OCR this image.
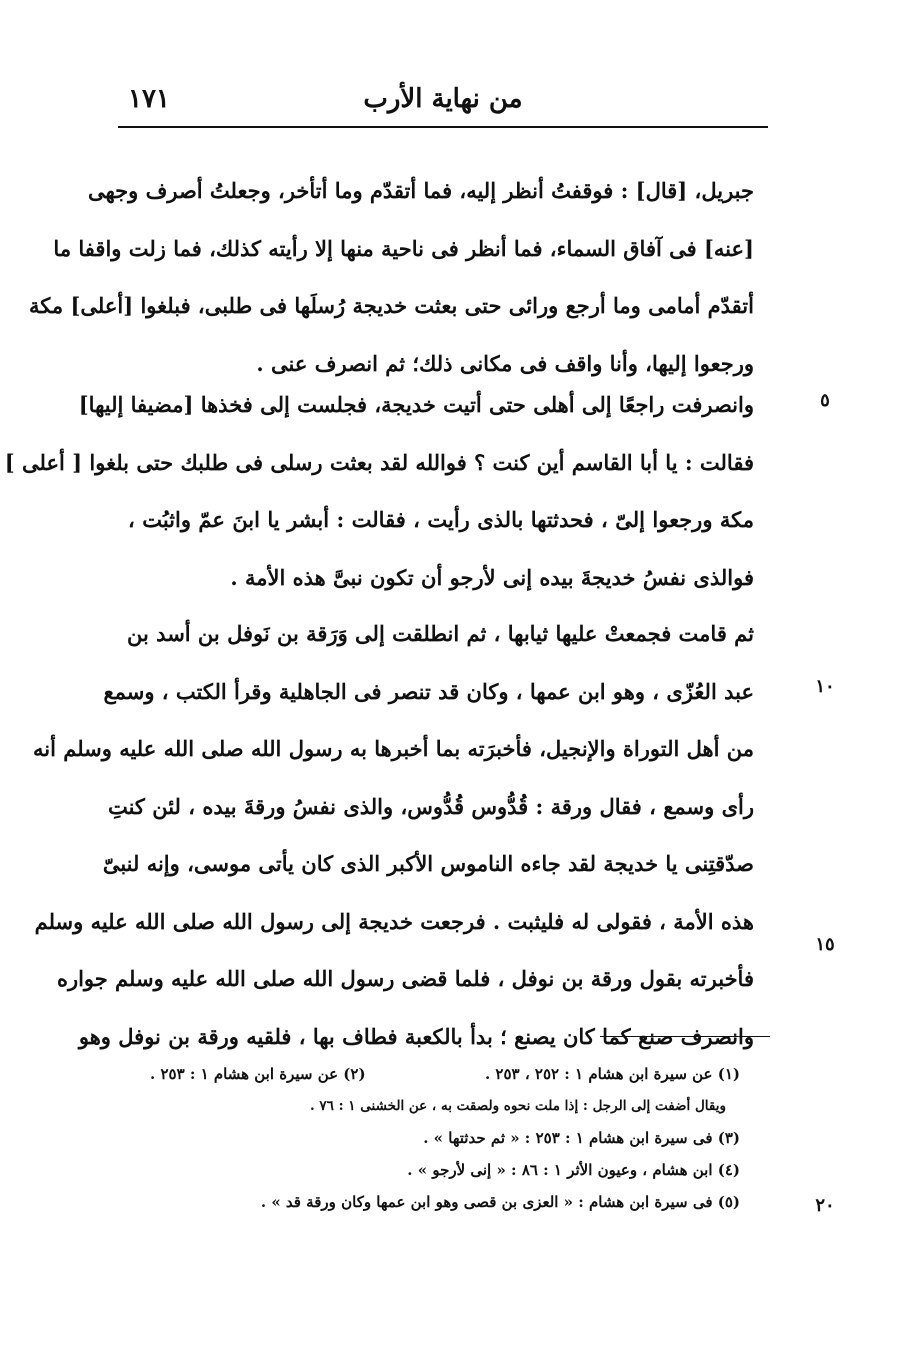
من نهاية الأرب
١٧١
جبريل، [قال] : فوقفتُ أنظر إليه، فما أتقدّم وما أتأخر، وجعلتُ أصرف وجهى
[عنه] فى آفاق السماء، فما أنظر فى ناحية منها إلا رأيته كذلك، فما زلت واقفا ما
أتقدّم أمامى وما أرجع ورائى حتى بعثت خديجة رُسلَها فى طلبى، فبلغوا [أعلى] مكة
ورجعوا إليها، وأنا واقف فى مكانى ذلك؛ ثم انصرف عنى .
وانصرفت راجعًا إلى أهلى حتى أتيت خديجة، فجلست إلى فخذها [مضيفا إليها]
فقالت : يا أبا القاسم أين كنت ؟ فوالله لقد بعثت رسلى فى طلبك حتى بلغوا [ أعلى ]
مكة ورجعوا إلىّ ، فحدثتها بالذى رأيت ، فقالت : أبشر يا ابنَ عمّ واثبُت ،
فوالذى نفسُ خديجةَ بيده إنى لأرجو أن تكون نبىَّ هذه الأمة .
ثم قامت فجمعتْ عليها ثيابها ، ثم انطلقت إلى وَرَقة بن نَوفل بن أسد بن
عبد العُزّى ، وهو ابن عمها ، وكان قد تنصر فى الجاهلية وقرأ الكتب ، وسمع
من أهل التوراة والإنجيل، فأخبرَته بما أخبرها به رسول الله صلى الله عليه وسلم أنه
رأى وسمع ، فقال ورقة : قُدُّوس قُدُّوس، والذى نفسُ ورقةَ بيده ، لئن كنتِ
صدّقتِنى يا خديجة لقد جاءه الناموس الأكبر الذى كان يأتى موسى، وإنه لنبىّ
هذه الأمة ، فقولى له فليثبت . فرجعت خديجة إلى رسول الله صلى الله عليه وسلم
فأخبرته بقول ورقة بن نوفل ، فلما قضى رسول الله صلى الله عليه وسلم جواره
وانصرف صنع كما كان يصنع ؛ بدأ بالكعبة فطاف بها ، فلقيه ورقة بن نوفل وهو
٥
١٠
١٥
٢٠
(١) عن سيرة ابن هشام ١ : ٢٥٢ ، ٢٥٣ .
(٢) عن سيرة ابن هشام ١ : ٢٥٣ .
ويقال أضفت إلى الرجل : إذا ملت نحوه ولصقت به ، عن الخشنى ١ : ٧٦ .
(٣) فى سيرة ابن هشام ١ : ٢٥٣ : « ثم حدثتها » .
(٤) ابن هشام ، وعيون الأثر ١ : ٨٦ : « إنى لأرجو » .
(٥) فى سيرة ابن هشام : « العزى بن قصى وهو ابن عمها وكان ورقة قد » .
